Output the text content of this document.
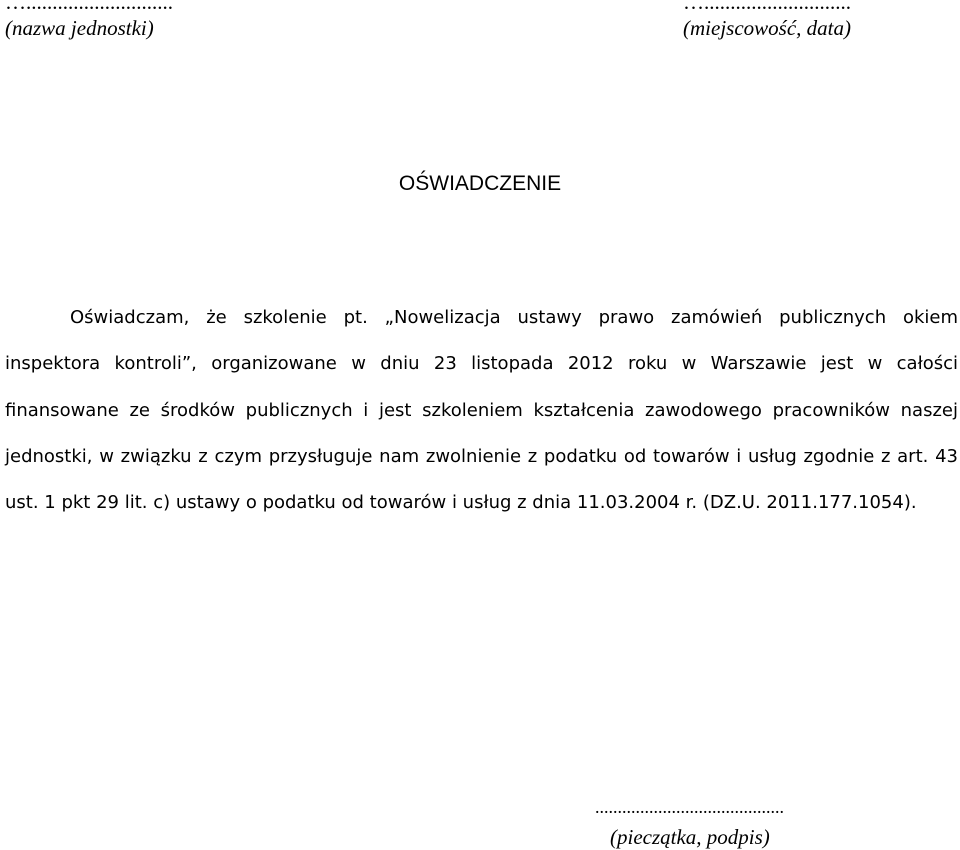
…............................
(nazwa jednostki)
…............................
(miejscowość, data)
OŚWIADCZENIE

Oświadczam, że szkolenie pt. „Nowelizacja ustawy prawo zamówień publicznych okiem inspektora kontroli”, organizowane w dniu 23 listopada 2012 roku w Warszawie jest w całości finansowane ze środków publicznych i jest szkoleniem kształcenia zawodowego pracowników naszej jednostki, w związku z czym przysługuje nam zwolnienie z podatku od towarów i usług zgodnie z art. 43 ust. 1 pkt 29 lit. c) ustawy o podatku od towarów i usług z dnia 11.03.2004 r. (DZ.U. 2011.177.1054).

..........................................
(pieczątka, podpis)
